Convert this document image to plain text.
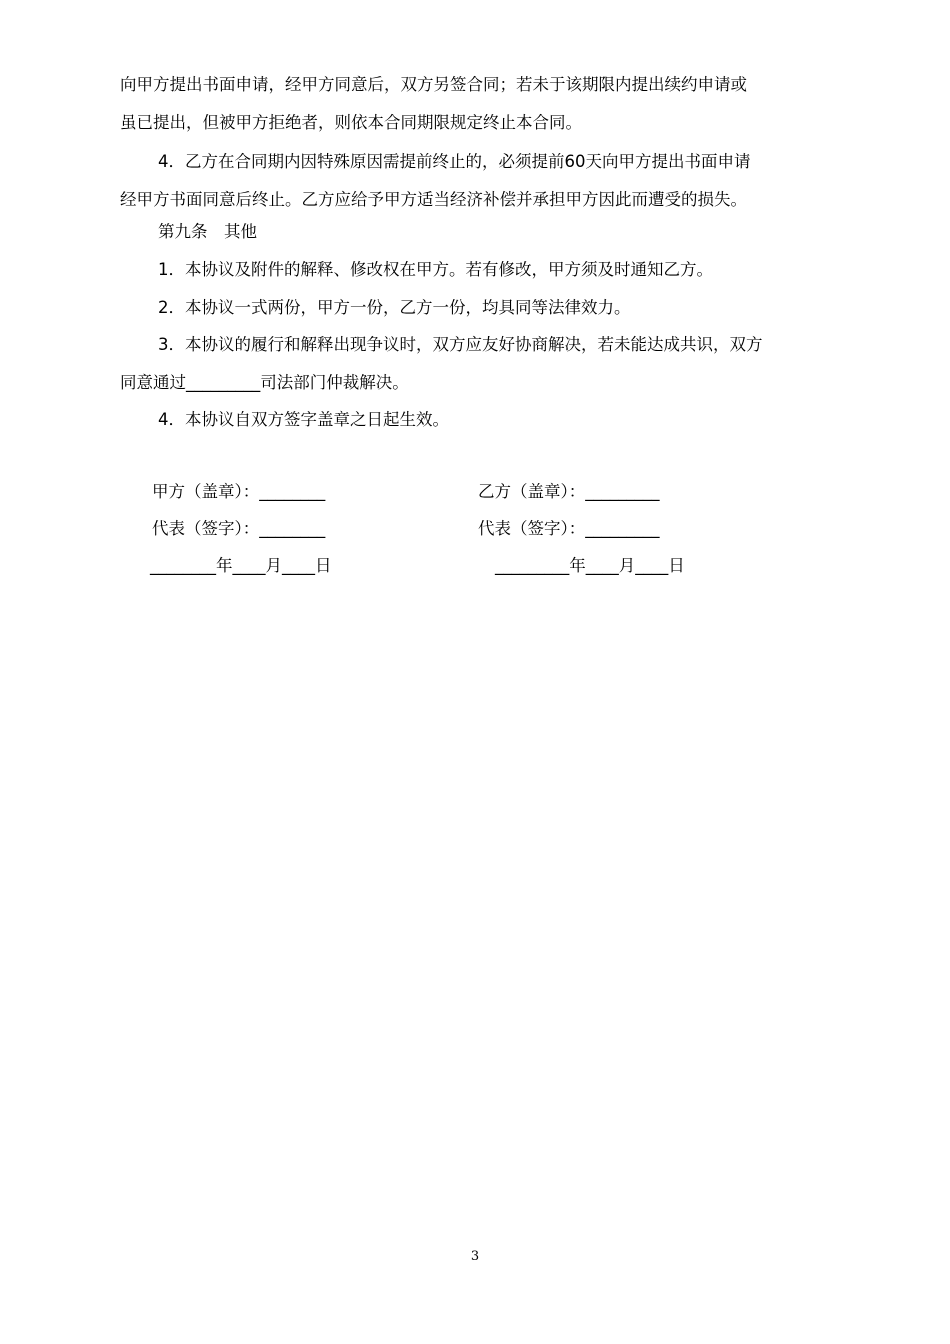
向甲方提出书面申请，经甲方同意后，双方另签合同；若未于该期限内提出续约申请或
虽已提出，但被甲方拒绝者，则依本合同期限规定终止本合同。
4．乙方在合同期内因特殊原因需提前终止的，必须提前60天向甲方提出书面申请
经甲方书面同意后终止。乙方应给予甲方适当经济补偿并承担甲方因此而遭受的损失。
第九条　其他
1．本协议及附件的解释、修改权在甲方。若有修改，甲方须及时通知乙方。
2．本协议一式两份，甲方一份，乙方一份，均具同等法律效力。
3．本协议的履行和解释出现争议时，双方应友好协商解决，若未能达成共识，双方
同意通过_________司法部门仲裁解决。
4．本协议自双方签字盖章之日起生效。
甲方（盖章）：________	乙方（盖章）：_________
代表（签字）：________	代表（签字）：_________
________年____月____日	_________年____月____日
3
